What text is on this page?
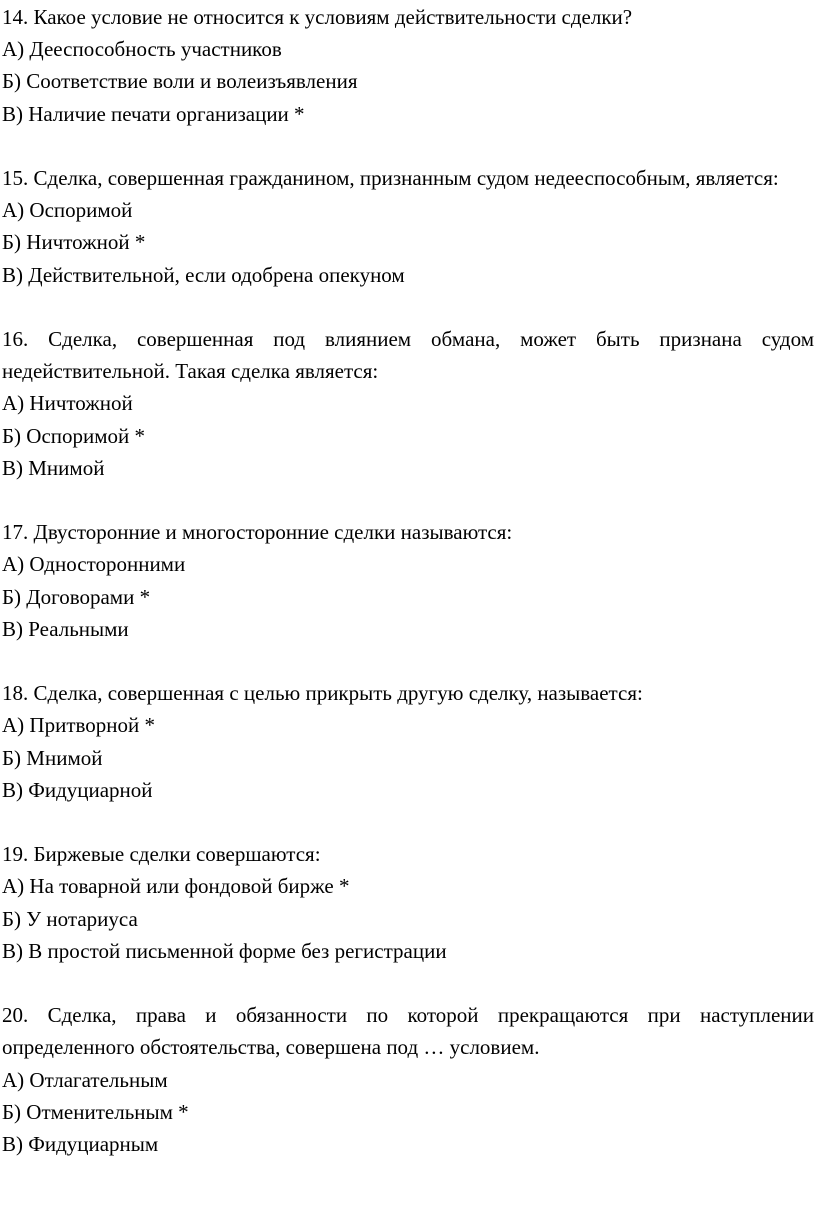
14. Какое условие не относится к условиям действительности сделки?

А) Дееспособность участников

Б) Соответствие воли и волеизъявления

В) Наличие печати организации *

15. Сделка, совершенная гражданином, признанным судом недееспособным, является:

А) Оспоримой

Б) Ничтожной *

В) Действительной, если одобрена опекуном

16. Сделка, совершенная под влиянием обмана, может быть признана судом недействительной. Такая сделка является:

А) Ничтожной

Б) Оспоримой *

В) Мнимой

17. Двусторонние и многосторонние сделки называются:

А) Односторонними

Б) Договорами *

В) Реальными

18. Сделка, совершенная с целью прикрыть другую сделку, называется:

А) Притворной *

Б) Мнимой

В) Фидуциарной

19. Биржевые сделки совершаются:

А) На товарной или фондовой бирже *

Б) У нотариуса

В) В простой письменной форме без регистрации

20. Сделка, права и обязанности по которой прекращаются при наступлении определенного обстоятельства, совершена под … условием.

А) Отлагательным

Б) Отменительным *

В) Фидуциарным
